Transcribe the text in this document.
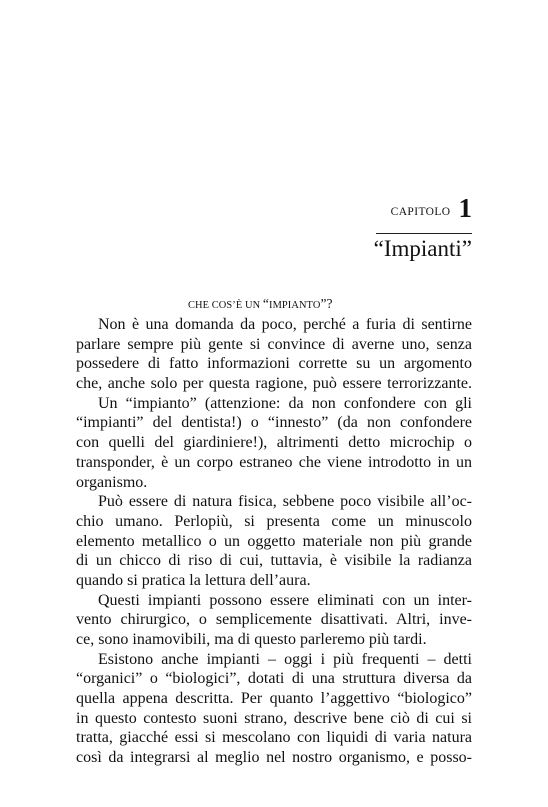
CAPITOLO 1
“Impianti”
CHE COS’È UN “IMPIANTO”?
Non è una domanda da poco, perché a furia di sentirne
parlare sempre più gente si convince di averne uno, senza
possedere di fatto informazioni corrette su un argomento
che, anche solo per questa ragione, può essere terrorizzante.
Un “impianto” (attenzione: da non confondere con gli
“impianti” del dentista!) o “innesto” (da non confondere
con quelli del giardiniere!), altrimenti detto microchip o
transponder, è un corpo estraneo che viene introdotto in un
organismo.
Può essere di natura fisica, sebbene poco visibile all’oc-
chio umano. Perlopiù, si presenta come un minuscolo
elemento metallico o un oggetto materiale non più grande
di un chicco di riso di cui, tuttavia, è visibile la radianza
quando si pratica la lettura dell’aura.
Questi impianti possono essere eliminati con un inter-
vento chirurgico, o semplicemente disattivati. Altri, inve-
ce, sono inamovibili, ma di questo parleremo più tardi.
Esistono anche impianti – oggi i più frequenti – detti
“organici” o “biologici”, dotati di una struttura diversa da
quella appena descritta. Per quanto l’aggettivo “biologico”
in questo contesto suoni strano, descrive bene ciò di cui si
tratta, giacché essi si mescolano con liquidi di varia natura
così da integrarsi al meglio nel nostro organismo, e posso-
